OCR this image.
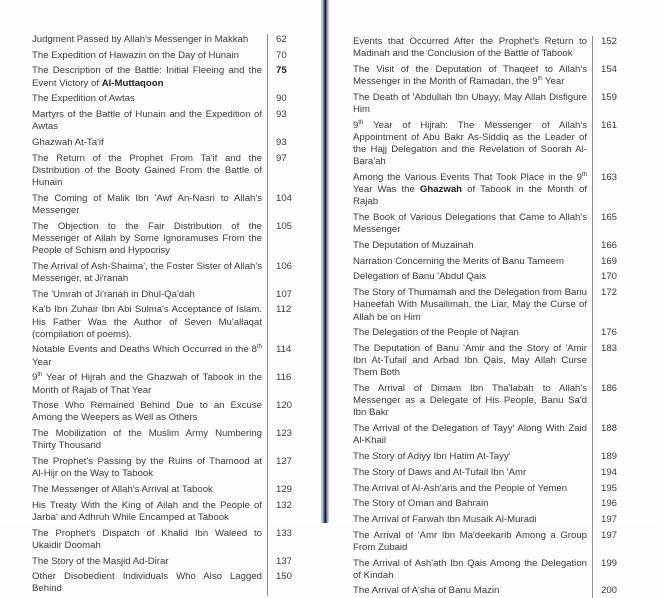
Judgment Passed by Allah's Messenger in Makkah	62
The Expedition of Hawazin on the Day of Hunain	70
The Description of the Battle: Initial Fleeing and the Event Victory of Al-Muttaqoon	75
The Expedition of Awtas	90
Martyrs of the Battle of Hunain and the Expedition of Awtas	93
Ghazwah At-Ta'if	93
The Return of the Prophet From Ta'if and the Distribution of the Booty Gained From the Battle of Hunain	97
The Coming of Malik Ibn 'Awf An-Nasri to Allah's Messenger	104
The Objection to the Fair Distribution of the Messenger of Allah by Some Ignoramuses From the People of Schism and Hypocrisy	105
The Arrival of Ash-Shaima', the Foster Sister of Allah's Messenger, at Ji'ranah	106
The 'Umrah of Ji'ranah in Dhul-Qa'dah	107
Ka'b Ibn Zuhair Ibn Abi Sulma's Acceptance of Islam. His Father Was the Author of Seven Mu'allaqat (compilation of poems).	112
Notable Events and Deaths Which Occurred in the 8th Year	114
9th Year of Hijrah and the Ghazwah of Tabook in the Month of Rajab of That Year	116
Those Who Remained Behind Due to an Excuse Among the Weepers as Well as Others	120
The Mobilization of the Muslim Army Numbering Thirty Thousand	123
The Prophet's Passing by the Ruins of Thamood at Al-Hijr on the Way to Tabook	127
The Messenger of Allah's Arrival at Tabook	129
His Treaty With the King of Ailah and the People of Jarba' and Adhruh While Encamped at Tabook	132
The Prophet's Dispatch of Khalid Ibn Waleed to Ukaidir Doomah	133
The Story of the Masjid Ad-Dirar	137
Other Disobedient Individuals Who Also Lagged Behind	150
Events that Occurred After the Prophet's Return to Madinah and the Conclusion of the Battle of Tabook	152
The Visit of the Deputation of Thaqeef to Allah's Messenger in the Month of Ramadan, the 9th Year	154
The Death of 'Abdullah Ibn Ubayy, May Allah Disfigure Him	159
9th Year of Hijrah: The Messenger of Allah's Appointment of Abu Bakr As-Siddiq as the Leader of the Hajj Delegation and the Revelation of Soorah Al-Bara'ah	161
Among the Various Events That Took Place in the 9th Year Was the Ghazwah of Tabook in the Month of Rajab	163
The Book of Various Delegations that Came to Allah's Messenger	165
The Deputation of Muzainah	166
Narration Concerning the Merits of Banu Tameem	169
Delegation of Banu 'Abdul Qais	170
The Story of Thumamah and the Delegation from Banu Haneefah With Musailimah, the Liar, May the Curse of Allah be on Him	172
The Delegation of the People of Najran	176
The Deputation of Banu 'Amir and the Story of 'Amir Ibn At-Tufail and Arbad Ibn Qais, May Allah Curse Them Both	183
The Arrival of Dimam Ibn Tha'labah to Allah's Messenger as a Delegate of His People, Banu Sa'd Ibn Bakr	186
The Arrival of the Delegation of Tayy' Along With Zaid Al-Khail	188
The Story of Adiyy Ibn Hatim At-Tayy'	189
The Story of Daws and At-Tufail Ibn 'Amr	194
The Arrival of Al-Ash'aris and the People of Yemen	195
The Story of Oman and Bahrain	196
The Arrival of Farwah Ibn Musaik Al-Muradi	197
The Arrival of 'Amr Ibn Ma'deekarib Among a Group From Zubaid	197
The Arrival of Ash'ath Ibn Qais Among the Delegation of Kindah	199
The Arrival of A'sha of Banu Mazin	200
